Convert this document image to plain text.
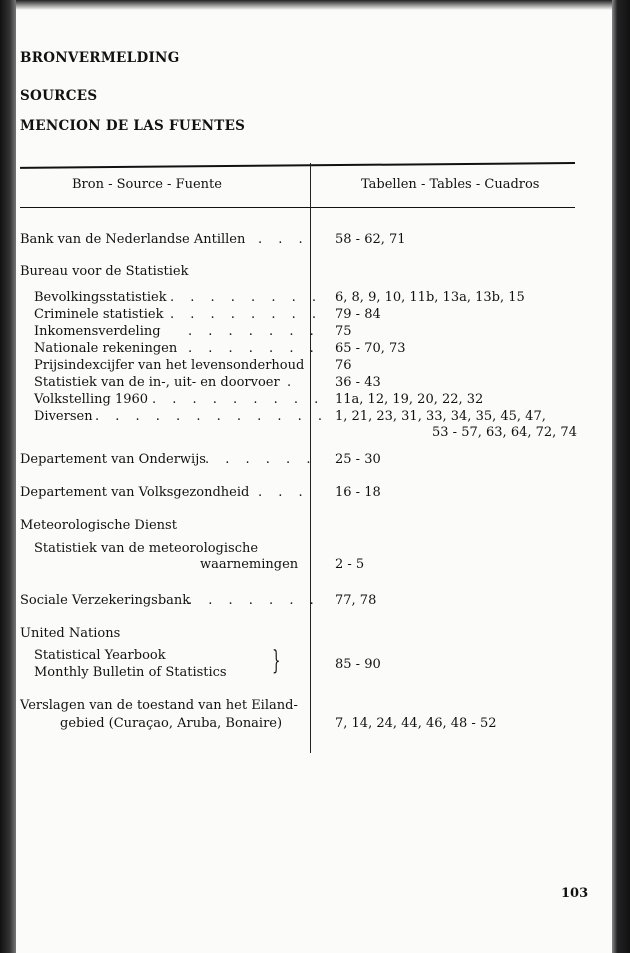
BRONVERMELDING
SOURCES
MENCION DE LAS FUENTES
Bron - Source - Fuente	Tabellen - Tables - Cuadros
Bank van de Nederlandse Antillen . . . 58 - 62, 71
Bureau voor de Statistiek
Bevolkingsstatistiek . . . . . . . . 6, 8, 9, 10, 11b, 13a, 13b, 15
Criminele statistiek . . . . . . . . 79 - 84
Inkomensverdeling . . . . . . . 75
Nationale rekeningen . . . . . . . 65 - 70, 73
Prijsindexcijfer van het levensonderhoud 76
Statistiek van de in-, uit- en doorvoer .	36 - 43
Volkstelling 1960 . . . . . . . . . 11a, 12, 19, 20, 22, 32
Diversen . . . . . . . . . . . . 1, 21, 23, 31, 33, 34, 35, 45, 47,
53 - 57, 63, 64, 72, 74
Departement van Onderwijs . . . . . . 25 - 30
Departement van Volksgezondheid . . . 16 - 18
Meteorologische Dienst
Statistiek van de meteorologische
waarnemingen	2 - 5
Sociale Verzekeringsbank
. . . . . . . 77, 78
United Nations
Statistical Yearbook
Monthly Bulletin of Statistics }	85 - 90
Verslagen van de toestand van het Eiland-
gebied (Curaçao, Aruba, Bonaire)	7, 14, 24, 44, 46, 48 - 52
103
